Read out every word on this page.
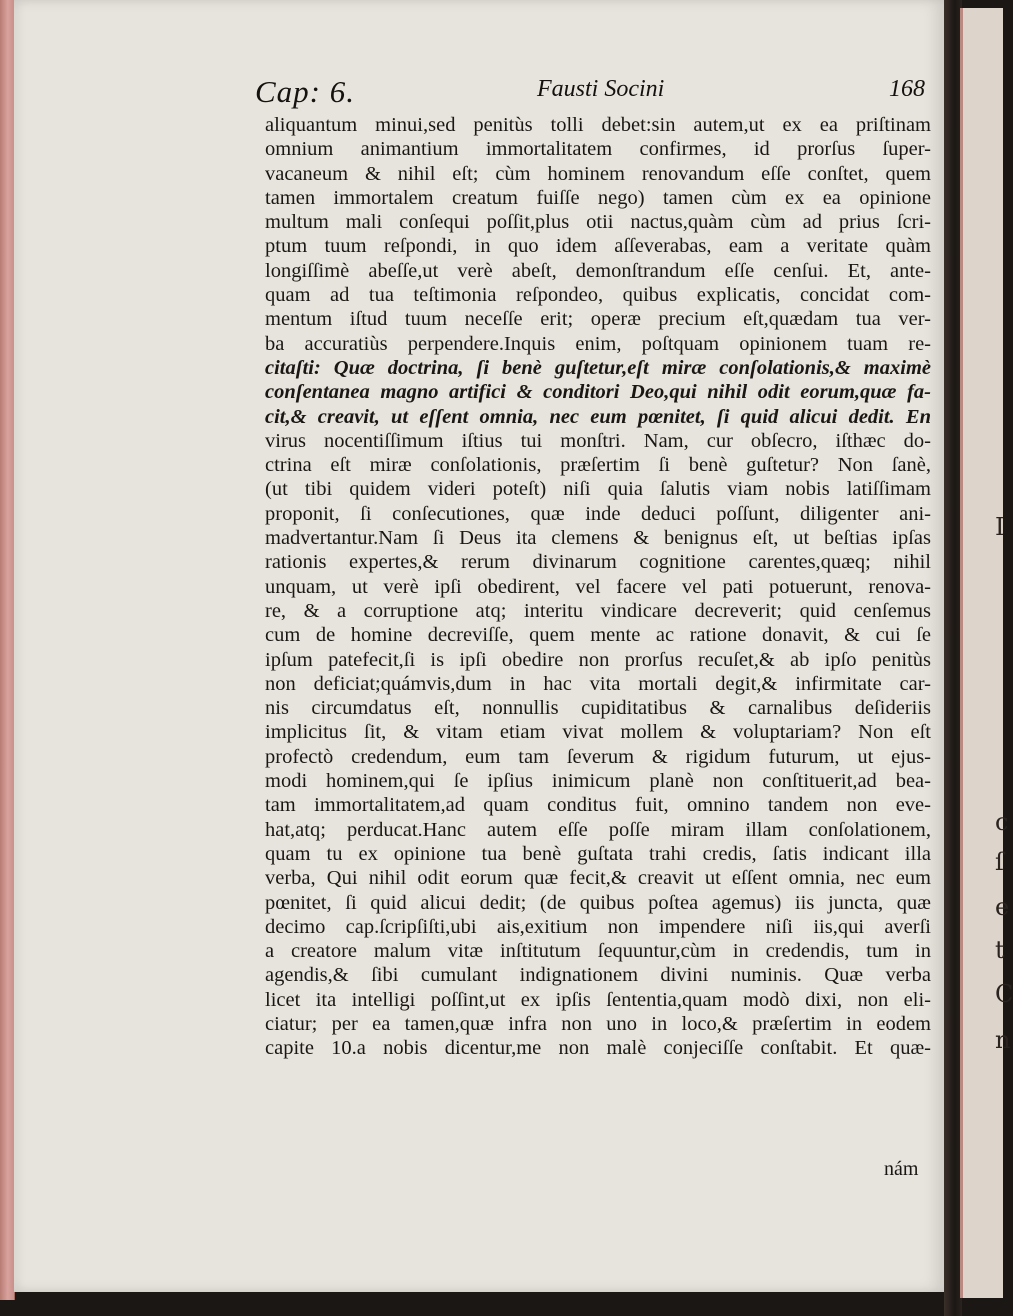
Cap: 6.	Fausti Socini	168
aliquantum minui,sed penitùs tolli debet:sin autem,ut ex ea priſtinam
omnium animantium immortalitatem confirmes, id prorſus ſuper-
vacaneum & nihil eſt; cùm hominem renovandum eſſe conſtet, quem
tamen immortalem creatum fuiſſe nego) tamen cùm ex ea opinione
multum mali conſequi poſſit,plus otii nactus,quàm cùm ad prius ſcri-
ptum tuum reſpondi, in quo idem aſſeverabas, eam a veritate quàm
longiſſimè abeſſe,ut verè abeſt, demonſtrandum eſſe cenſui. Et, ante-
quam ad tua teſtimonia reſpondeo, quibus explicatis, concidat com-
mentum iſtud tuum neceſſe erit; operæ precium eſt,quædam tua ver-
ba accuratiùs perpendere.Inquis enim, poſtquam opinionem tuam re-
citaſti: Quæ doctrina, ſi benè guſtetur,eſt miræ conſolationis,& maximè
conſentanea magno artifici & conditori Deo,qui nihil odit eorum,quæ fa-
cit,& creavit, ut eſſent omnia, nec eum pœnitet, ſi quid alicui dedit. En
virus nocentiſſimum iſtius tui monſtri. Nam, cur obſecro, iſthæc do-
ctrina eſt miræ conſolationis, præſertim ſi benè guſtetur? Non ſanè,
(ut tibi quidem videri poteſt) niſi quia ſalutis viam nobis latiſſimam
proponit, ſi conſecutiones, quæ inde deduci poſſunt, diligenter ani-
madvertantur.Nam ſi Deus ita clemens & benignus eſt, ut beſtias ipſas
rationis expertes,& rerum divinarum cognitione carentes,quæq; nihil
unquam, ut verè ipſi obedirent, vel facere vel pati potuerunt, renova-
re, & a corruptione atq; interitu vindicare decreverit; quid cenſemus
cum de homine decreviſſe, quem mente ac ratione donavit, & cui ſe
ipſum patefecit,ſi is ipſi obedire non prorſus recuſet,& ab ipſo penitùs
non deficiat;quámvis,dum in hac vita mortali degit,& infirmitate car-
nis circumdatus eſt, nonnullis cupiditatibus & carnalibus deſideriis
implicitus ſit, & vitam etiam vivat mollem & voluptariam? Non eſt
profectò credendum, eum tam ſeverum & rigidum futurum, ut ejus-
modi hominem,qui ſe ipſius inimicum planè non conſtituerit,ad bea-
tam immortalitatem,ad quam conditus fuit, omnino tandem non eve-
hat,atq; perducat.Hanc autem eſſe poſſe miram illam conſolationem,
quam tu ex opinione tua benè guſtata trahi credis, ſatis indicant illa
verba, Qui nihil odit eorum quæ fecit,& creavit ut eſſent omnia, nec eum
pœnitet, ſi quid alicui dedit; (de quibus poſtea agemus) iis juncta, quæ
decimo cap.ſcripſiſti,ubi ais,exitium non impendere niſi iis,qui averſi
a creatore malum vitæ inſtitutum ſequuntur,cùm in credendis, tum in
agendis,& ſibi cumulant indignationem divini numinis. Quæ verba
licet ita intelligi poſſint,ut ex ipſis ſententia,quam modò dixi, non eli-
ciatur; per ea tamen,quæ infra non uno in loco,& præſertim in eodem
capite 10.a nobis dicentur,me non malè conjeciſſe conſtabit. Et quæ-
nám
I
c
ſ
e
t
C
n
